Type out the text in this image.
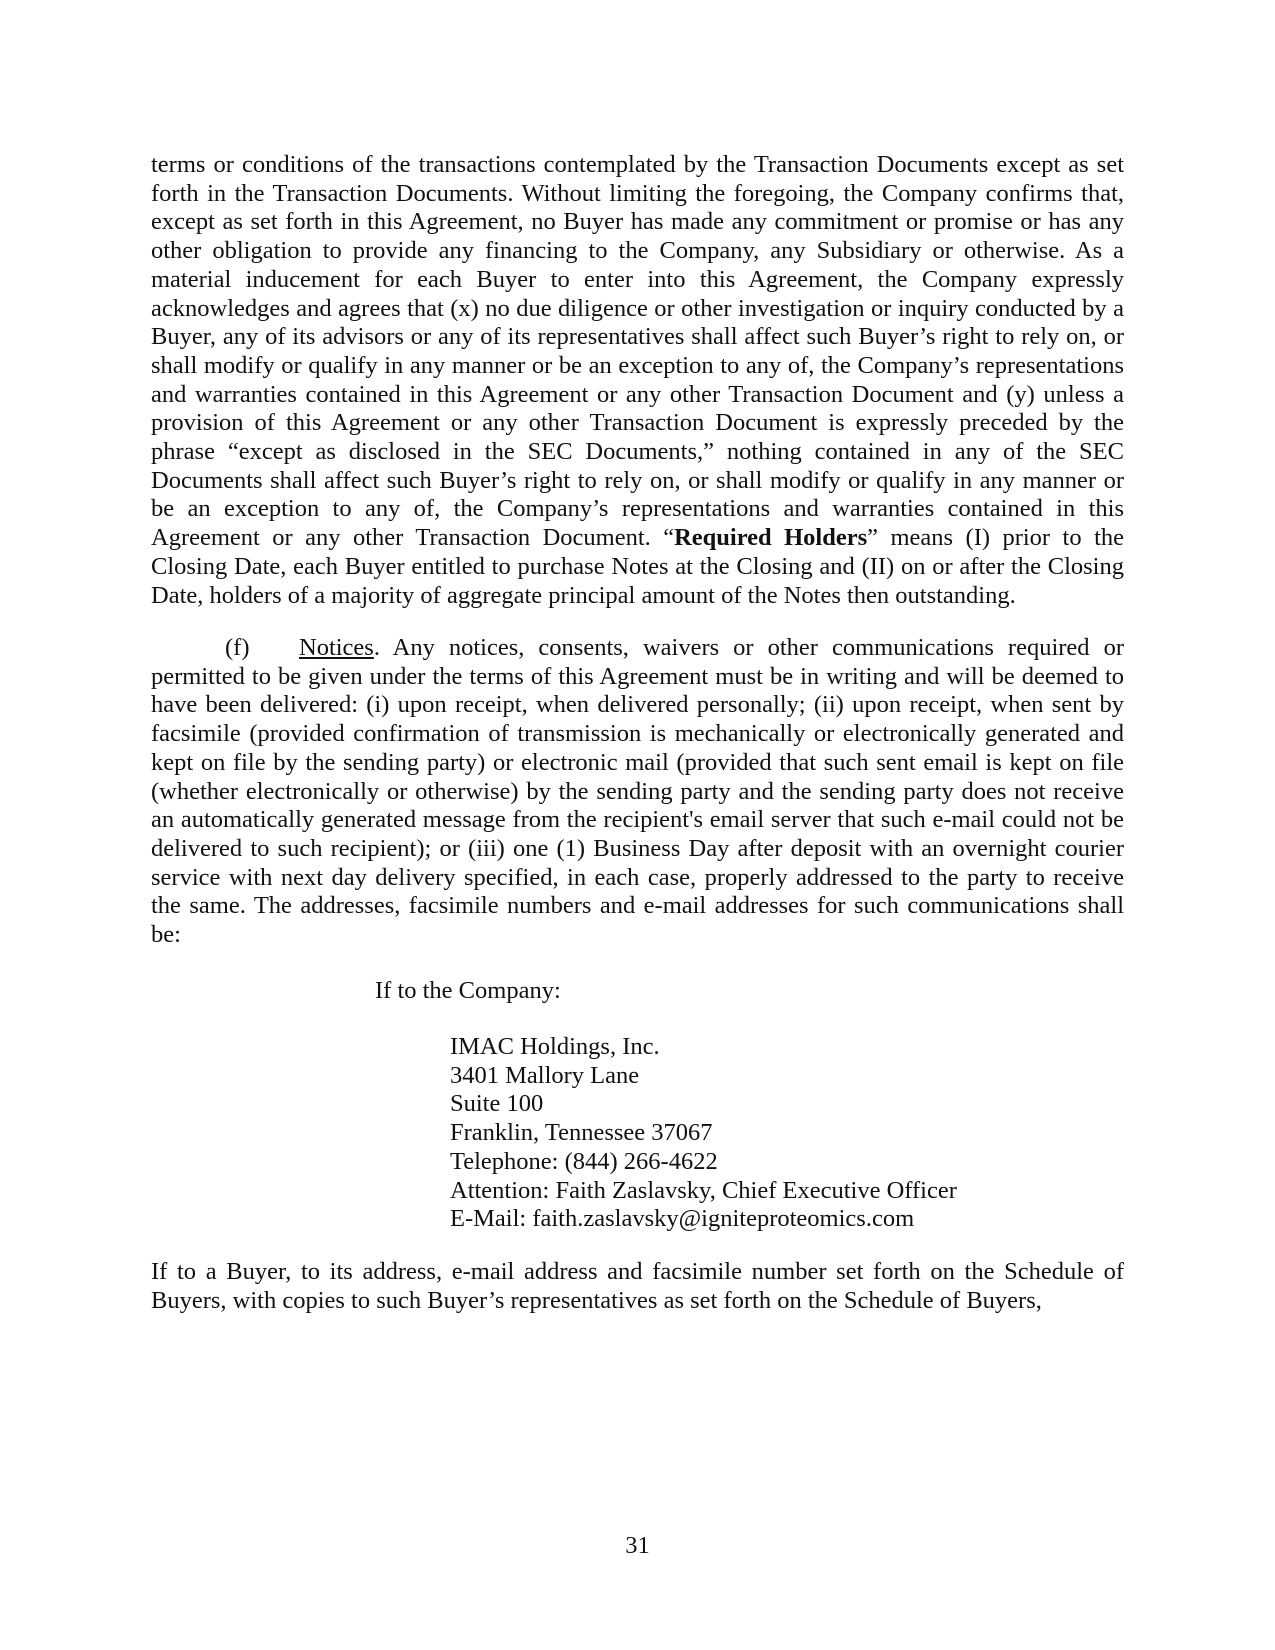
terms or conditions of the transactions contemplated by the Transaction Documents except as set forth in the Transaction Documents. Without limiting the foregoing, the Company confirms that, except as set forth in this Agreement, no Buyer has made any commitment or promise or has any other obligation to provide any financing to the Company, any Subsidiary or otherwise. As a material inducement for each Buyer to enter into this Agreement, the Company expressly acknowledges and agrees that (x) no due diligence or other investigation or inquiry conducted by a Buyer, any of its advisors or any of its representatives shall affect such Buyer’s right to rely on, or shall modify or qualify in any manner or be an exception to any of, the Company’s representations and warranties contained in this Agreement or any other Transaction Document and (y) unless a provision of this Agreement or any other Transaction Document is expressly preceded by the phrase “except as disclosed in the SEC Documents,” nothing contained in any of the SEC Documents shall affect such Buyer’s right to rely on, or shall modify or qualify in any manner or be an exception to any of, the Company’s representations and warranties contained in this Agreement or any other Transaction Document. “Required Holders” means (I) prior to the Closing Date, each Buyer entitled to purchase Notes at the Closing and (II) on or after the Closing Date, holders of a majority of aggregate principal amount of the Notes then outstanding.

(f) Notices. Any notices, consents, waivers or other communications required or permitted to be given under the terms of this Agreement must be in writing and will be deemed to have been delivered: (i) upon receipt, when delivered personally; (ii) upon receipt, when sent by facsimile (provided confirmation of transmission is mechanically or electronically generated and kept on file by the sending party) or electronic mail (provided that such sent email is kept on file (whether electronically or otherwise) by the sending party and the sending party does not receive an automatically generated message from the recipient's email server that such e-mail could not be delivered to such recipient); or (iii) one (1) Business Day after deposit with an overnight courier service with next day delivery specified, in each case, properly addressed to the party to receive the same. The addresses, facsimile numbers and e-mail addresses for such communications shall be:

If to the Company:

IMAC Holdings, Inc.
3401 Mallory Lane
Suite 100
Franklin, Tennessee 37067
Telephone: (844) 266-4622
Attention: Faith Zaslavsky, Chief Executive Officer
E-Mail: faith.zaslavsky@igniteproteomics.com

If to a Buyer, to its address, e-mail address and facsimile number set forth on the Schedule of Buyers, with copies to such Buyer’s representatives as set forth on the Schedule of Buyers,

31
